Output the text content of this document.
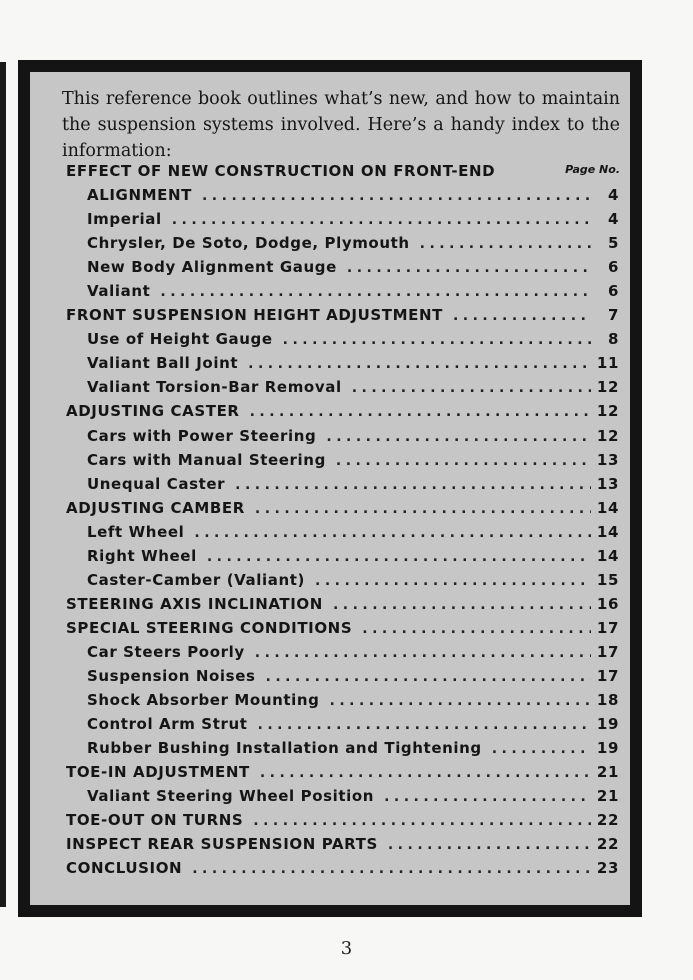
This reference book outlines what’s new, and how to maintain the suspension systems involved. Here’s a handy index to the information:

Page No.
EFFECT OF NEW CONSTRUCTION ON FRONT-END
ALIGNMENT .....	4
Imperial .....	4
Chrysler, De Soto, Dodge, Plymouth .....	5
New Body Alignment Gauge .....	6
Valiant .....	6
FRONT SUSPENSION HEIGHT ADJUSTMENT .....	7
Use of Height Gauge .....	8
Valiant Ball Joint .....	11
Valiant Torsion-Bar Removal .....	12
ADJUSTING CASTER .....	12
Cars with Power Steering .....	12
Cars with Manual Steering .....	13
Unequal Caster .....	13
ADJUSTING CAMBER .....	14
Left Wheel .....	14
Right Wheel .....	14
Caster-Camber (Valiant) .....	15
STEERING AXIS INCLINATION .....	16
SPECIAL STEERING CONDITIONS .....	17
Car Steers Poorly .....	17
Suspension Noises .....	17
Shock Absorber Mounting .....	18
Control Arm Strut .....	19
Rubber Bushing Installation and Tightening .....	19
TOE-IN ADJUSTMENT .....	21
Valiant Steering Wheel Position .....	21
TOE-OUT ON TURNS .....	22
INSPECT REAR SUSPENSION PARTS .....	22
CONCLUSION .....	23
3
